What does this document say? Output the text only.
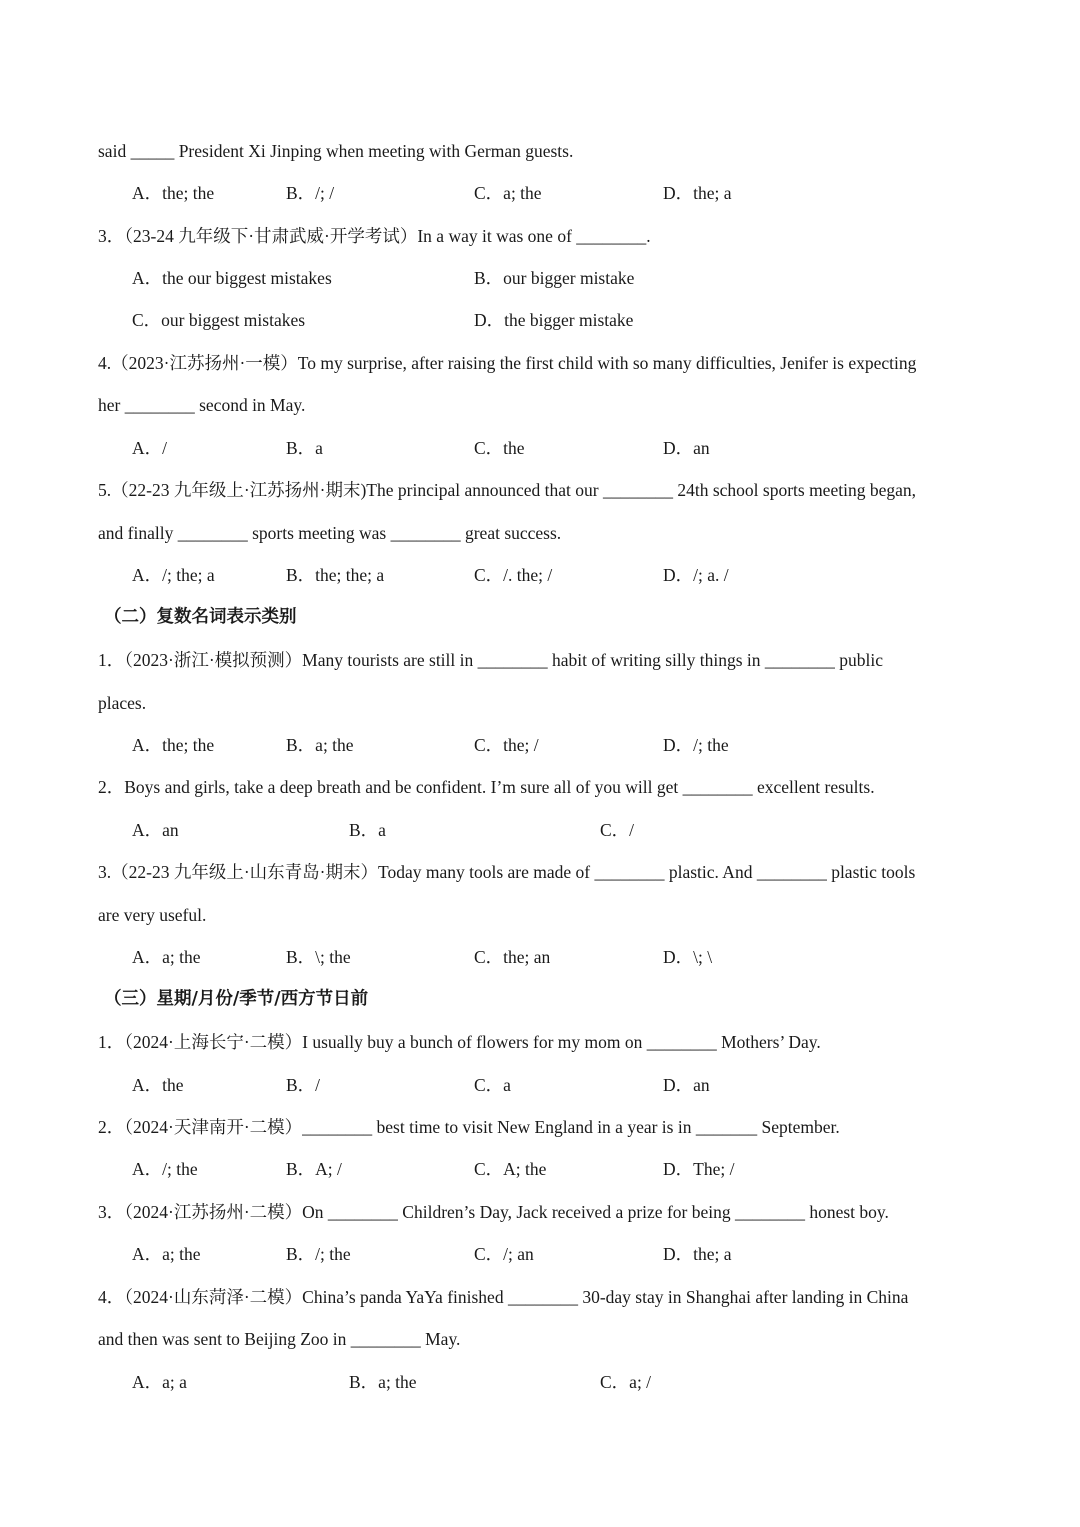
said _____ President Xi Jinping when meeting with German guests.
A．the; the	B．/; /	C．a; the	D．the; a
3．（23-24 九年级下·甘肃武威·开学考试）In a way it was one of ________.
A．the our biggest mistakes	B．our bigger mistake
C．our biggest mistakes	D．the bigger mistake
4.（2023·江苏扬州·一模）To my surprise, after raising the first child with so many difficulties, Jenifer is expecting
her ________ second in May.
A．/	B．a	C．the	D．an
5.（22-23 九年级上·江苏扬州·期末)The principal announced that our ________ 24th school sports meeting began,
and finally ________ sports meeting was ________ great success.
A．/; the; a	B．the; the; a	C．/. the; /	D．/; a. /
（二）复数名词表示类别
1．（2023·浙江·模拟预测）Many tourists are still in ________ habit of writing silly things in ________ public
places.
A．the; the	B．a; the	C．the; /	D．/; the
2．Boys and girls, take a deep breath and be confident. I’m sure all of you will get ________ excellent results.
A．an	B．a	C．/
3.（22-23 九年级上·山东青岛·期末）Today many tools are made of ________ plastic. And ________ plastic tools
are very useful.
A．a; the	B．\; the	C．the; an	D．\; \
（三）星期/月份/季节/西方节日前
1．（2024·上海长宁·二模）I usually buy a bunch of flowers for my mom on ________ Mothers’ Day.
A．the	B．/	C．a	D．an
2．（2024·天津南开·二模）________ best time to visit New England in a year is in _______ September.
A．/; the	B．A; /	C．A; the	D．The; /
3．（2024·江苏扬州·二模）On ________ Children’s Day, Jack received a prize for being ________ honest boy.
A．a; the	B．/; the	C．/; an	D．the; a
4．（2024·山东菏泽·二模）China’s panda YaYa finished ________ 30-day stay in Shanghai after landing in China
and then was sent to Beijing Zoo in ________ May.
A．a; a	B．a; the	C．a; /
